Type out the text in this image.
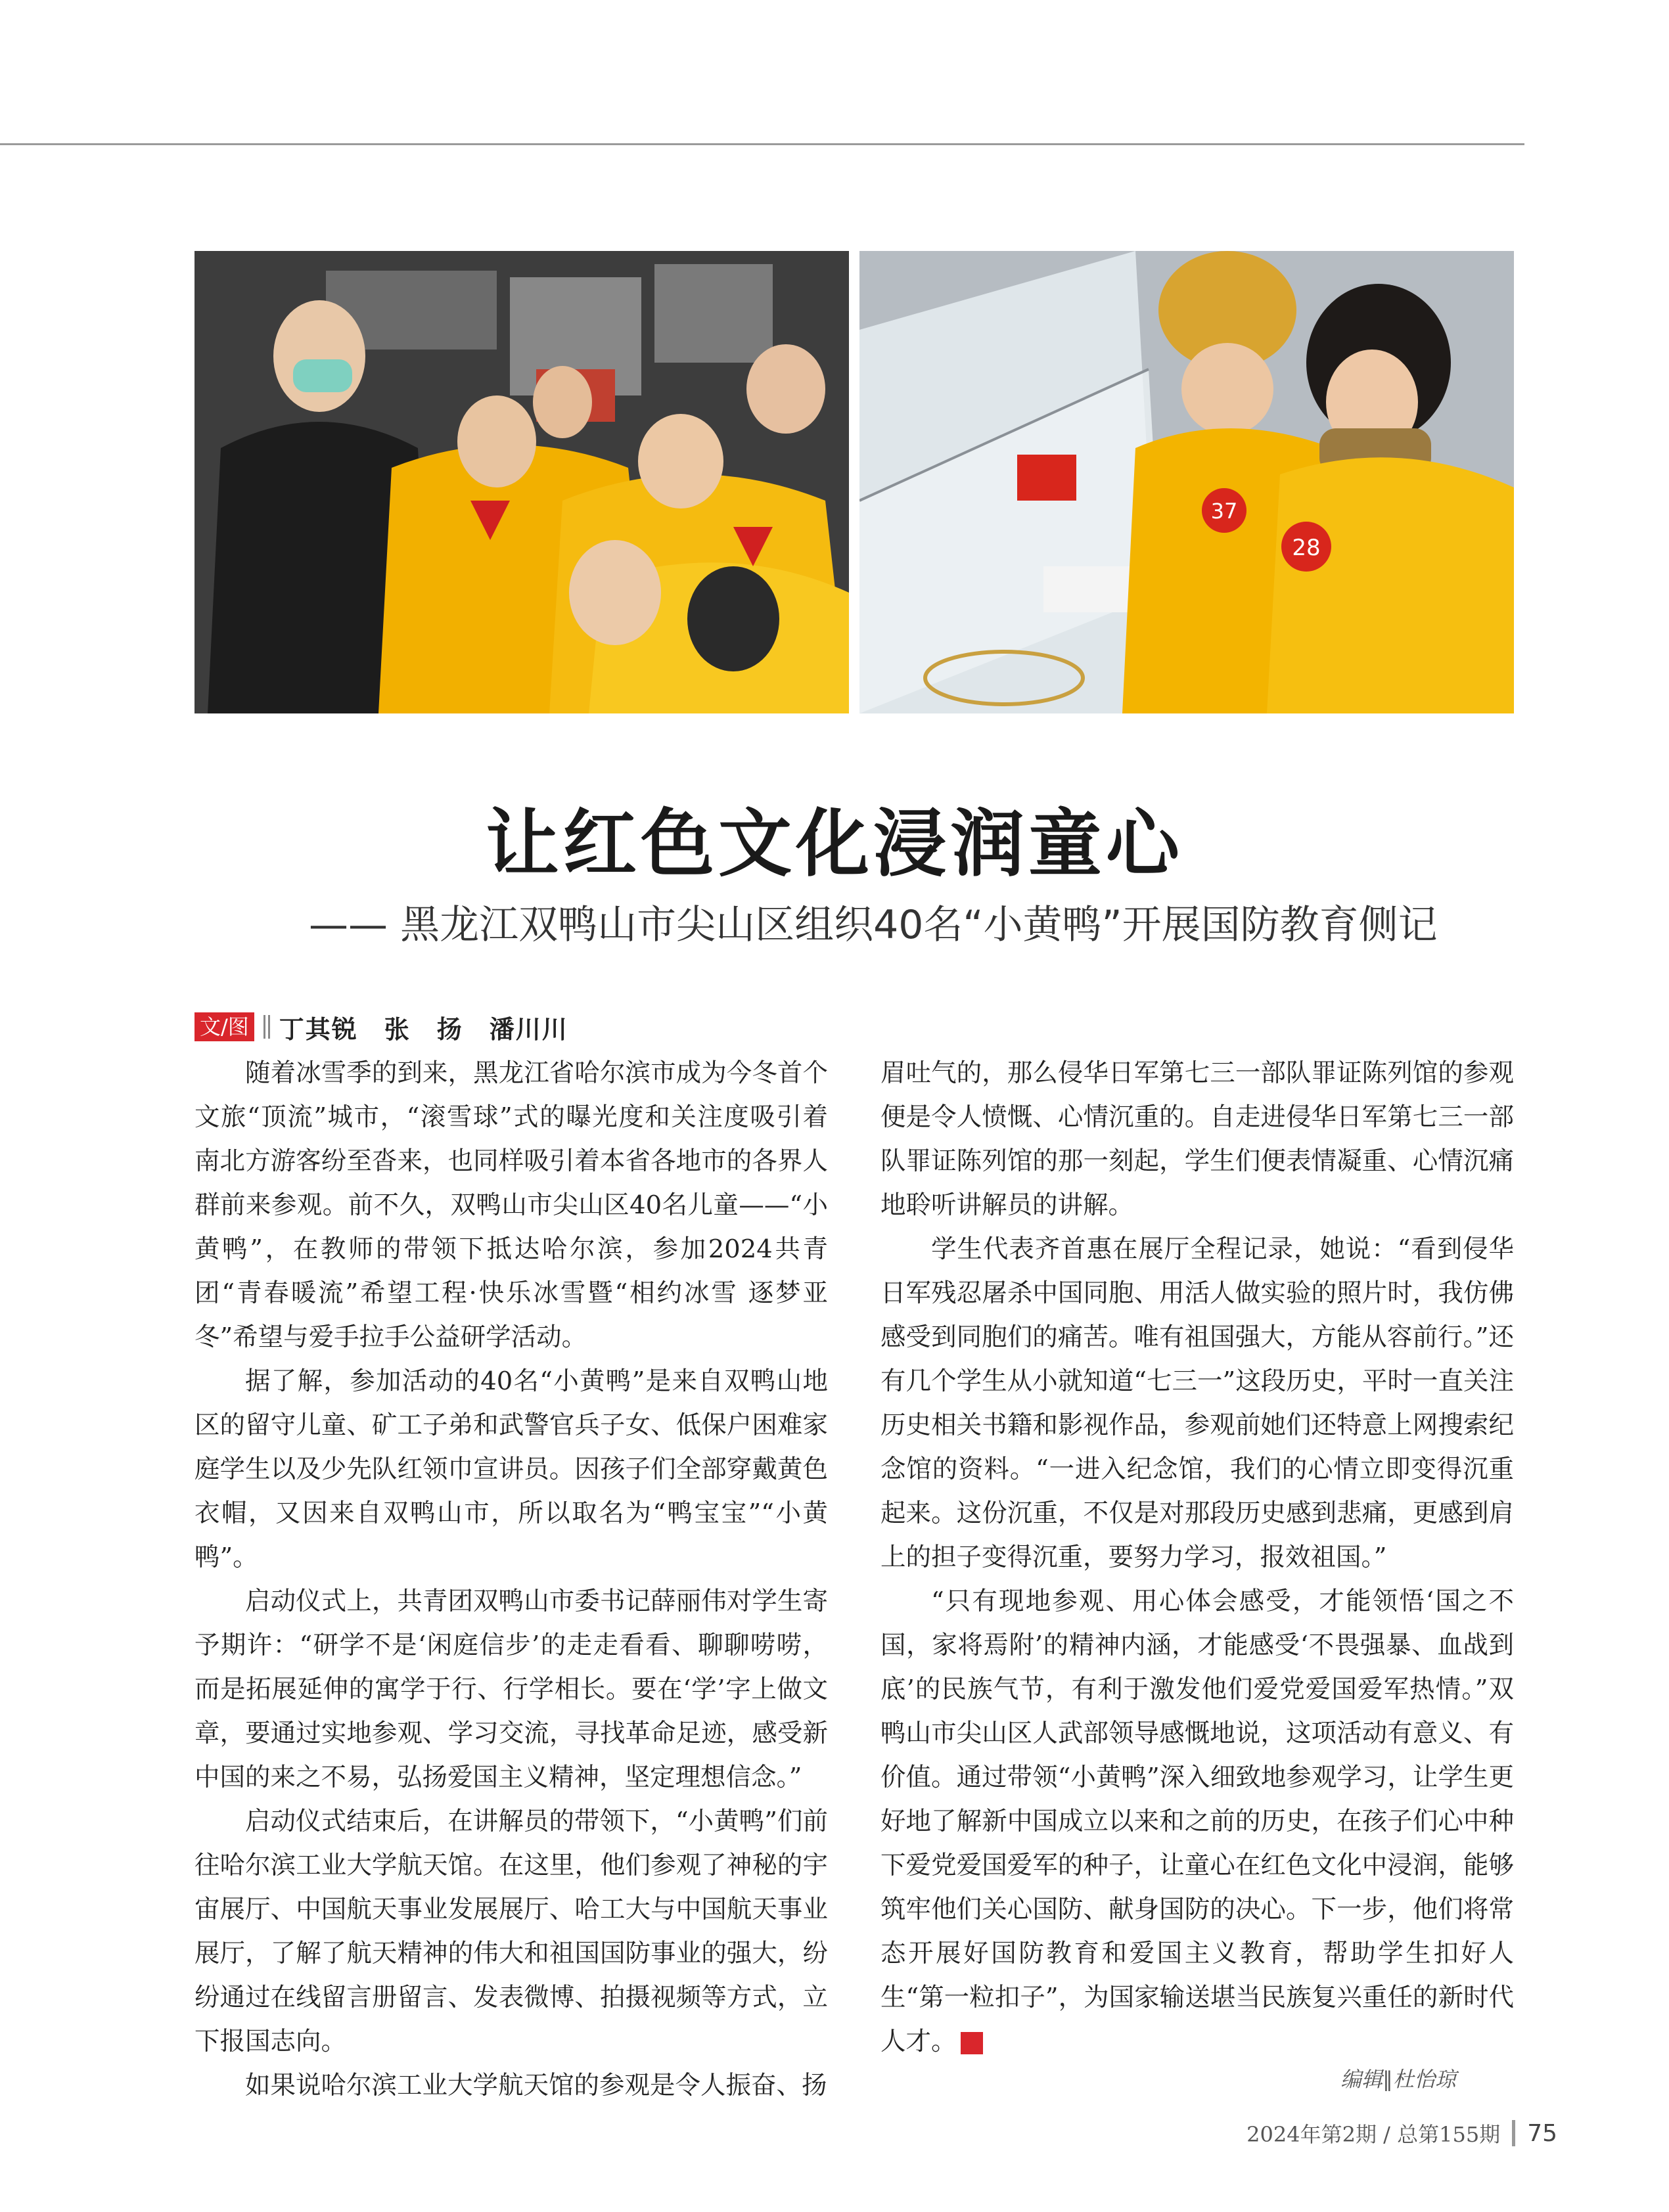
37
28
让红色文化浸润童心
—— 黑龙江双鸭山市尖山区组织40名“小黄鸭”开展国防教育侧记
文/图 丁其锐　张　扬　潘川川

随着冰雪季的到来，黑龙江省哈尔滨市成为今冬首个文旅“顶流”城市，“滚雪球”式的曝光度和关注度吸引着南北方游客纷至沓来，也同样吸引着本省各地市的各界人群前来参观。前不久，双鸭山市尖山区40名儿童——“小黄鸭”，在教师的带领下抵达哈尔滨，参加2024共青团“青春暖流”希望工程·快乐冰雪暨“相约冰雪 逐梦亚冬”希望与爱手拉手公益研学活动。

据了解，参加活动的40名“小黄鸭”是来自双鸭山地区的留守儿童、矿工子弟和武警官兵子女、低保户困难家庭学生以及少先队红领巾宣讲员。因孩子们全部穿戴黄色衣帽，又因来自双鸭山市，所以取名为“鸭宝宝”“小黄鸭”。

启动仪式上，共青团双鸭山市委书记薛丽伟对学生寄予期许：“研学不是‘闲庭信步’的走走看看、聊聊唠唠，而是拓展延伸的寓学于行、行学相长。要在‘学’字上做文章，要通过实地参观、学习交流，寻找革命足迹，感受新中国的来之不易，弘扬爱国主义精神，坚定理想信念。”

启动仪式结束后，在讲解员的带领下，“小黄鸭”们前往哈尔滨工业大学航天馆。在这里，他们参观了神秘的宇宙展厅、中国航天事业发展展厅、哈工大与中国航天事业展厅，了解了航天精神的伟大和祖国国防事业的强大，纷纷通过在线留言册留言、发表微博、拍摄视频等方式，立下报国志向。

如果说哈尔滨工业大学航天馆的参观是令人振奋、扬

眉吐气的，那么侵华日军第七三一部队罪证陈列馆的参观便是令人愤慨、心情沉重的。自走进侵华日军第七三一部队罪证陈列馆的那一刻起，学生们便表情凝重、心情沉痛地聆听讲解员的讲解。

学生代表齐首惠在展厅全程记录，她说：“看到侵华日军残忍屠杀中国同胞、用活人做实验的照片时，我仿佛感受到同胞们的痛苦。唯有祖国强大，方能从容前行。”还有几个学生从小就知道“七三一”这段历史，平时一直关注历史相关书籍和影视作品，参观前她们还特意上网搜索纪念馆的资料。“一进入纪念馆，我们的心情立即变得沉重起来。这份沉重，不仅是对那段历史感到悲痛，更感到肩上的担子变得沉重，要努力学习，报效祖国。”

“只有现地参观、用心体会感受，才能领悟‘国之不国，家将焉附’的精神内涵，才能感受‘不畏强暴、血战到底’的民族气节，有利于激发他们爱党爱国爱军热情。”双鸭山市尖山区人武部领导感慨地说，这项活动有意义、有价值。通过带领“小黄鸭”深入细致地参观学习，让学生更好地了解新中国成立以来和之前的历史，在孩子们心中种下爱党爱国爱军的种子，让童心在红色文化中浸润，能够筑牢他们关心国防、献身国防的决心。下一步，他们将常态开展好国防教育和爱国主义教育，帮助学生扣好人生“第一粒扣子”，为国家输送堪当民族复兴重任的新时代人才。	G

编辑∥杜怡琼
2024年第2期 / 总第155期 75
